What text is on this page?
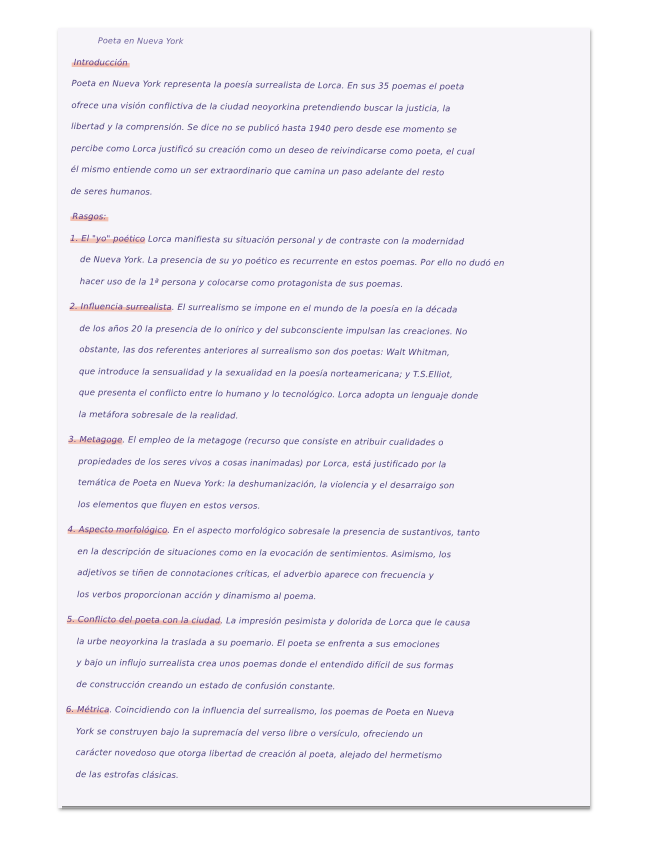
Poeta en Nueva York
Introducción
Poeta en Nueva York representa la poesía surrealista de Lorca. En sus 35 poemas el poeta
ofrece una visión conflictiva de la ciudad neoyorkina pretendiendo buscar la justicia, la
libertad y la comprensión. Se dice no se publicó hasta 1940 pero desde ese momento se
percibe como Lorca justificó su creación como un deseo de reivindicarse como poeta, el cual
él mismo entiende como un ser extraordinario que camina un paso adelante del resto
de seres humanos.
Rasgos:
1. El "yo" poético Lorca manifiesta su situación personal y de contraste con la modernidad
de Nueva York. La presencia de su yo poético es recurrente en estos poemas. Por ello no dudó en
hacer uso de la 1ª persona y colocarse como protagonista de sus poemas.
2. Influencia surrealista. El surrealismo se impone en el mundo de la poesía en la década
de los años 20 la presencia de lo onírico y del subconsciente impulsan las creaciones. No
obstante, las dos referentes anteriores al surrealismo son dos poetas: Walt Whitman,
que introduce la sensualidad y la sexualidad en la poesía norteamericana; y T.S.Elliot,
que presenta el conflicto entre lo humano y lo tecnológico. Lorca adopta un lenguaje donde
la metáfora sobresale de la realidad.
3. Metagoge. El empleo de la metagoge (recurso que consiste en atribuir cualidades o
propiedades de los seres vivos a cosas inanimadas) por Lorca, está justificado por la
temática de Poeta en Nueva York: la deshumanización, la violencia y el desarraigo son
los elementos que fluyen en estos versos.
4. Aspecto morfológico. En el aspecto morfológico sobresale la presencia de sustantivos, tanto
en la descripción de situaciones como en la evocación de sentimientos. Asimismo, los
adjetivos se tiñen de connotaciones críticas, el adverbio aparece con frecuencia y
los verbos proporcionan acción y dinamismo al poema.
5. Conflicto del poeta con la ciudad. La impresión pesimista y dolorida de Lorca que le causa
la urbe neoyorkina la traslada a su poemario. El poeta se enfrenta a sus emociones
y bajo un influjo surrealista crea unos poemas donde el entendido difícil de sus formas
de construcción creando un estado de confusión constante.
6. Métrica. Coincidiendo con la influencia del surrealismo, los poemas de Poeta en Nueva
York se construyen bajo la supremacía del verso libre o versículo, ofreciendo un
carácter novedoso que otorga libertad de creación al poeta, alejado del hermetismo
de las estrofas clásicas.
